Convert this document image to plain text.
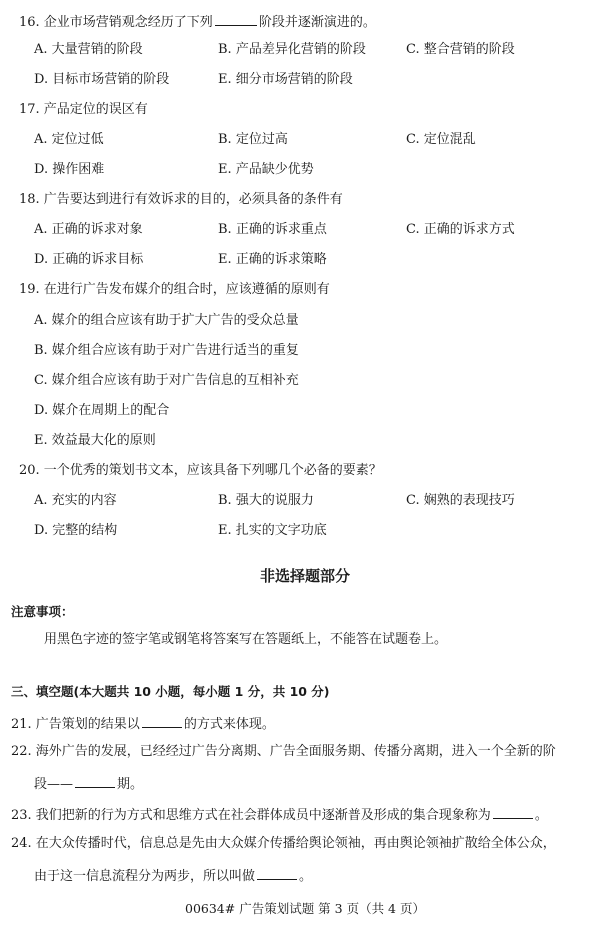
16. 企业市场营销观念经历了下列	阶段并逐渐演进的。
A. 大量营销的阶段	B. 产品差异化营销的阶段	C. 整合营销的阶段
D. 目标市场营销的阶段	E. 细分市场营销的阶段
17. 产品定位的误区有
A. 定位过低	B. 定位过高	C. 定位混乱
D. 操作困难	E. 产品缺少优势
18. 广告要达到进行有效诉求的目的，必须具备的条件有
A. 正确的诉求对象	B. 正确的诉求重点	C. 正确的诉求方式
D. 正确的诉求目标	E. 正确的诉求策略
19. 在进行广告发布媒介的组合时，应该遵循的原则有
A. 媒介的组合应该有助于扩大广告的受众总量
B. 媒介组合应该有助于对广告进行适当的重复
C. 媒介组合应该有助于对广告信息的互相补充
D. 媒介在周期上的配合
E. 效益最大化的原则
20. 一个优秀的策划书文本，应该具备下列哪几个必备的要素？
A. 充实的内容	B. 强大的说服力	C. 娴熟的表现技巧
D. 完整的结构	E. 扎实的文字功底
非选择题部分
注意事项：
用黑色字迹的签字笔或钢笔将答案写在答题纸上，不能答在试题卷上。
三、填空题(本大题共 10 小题，每小题 1 分，共 10 分)
21. 广告策划的结果以	的方式来体现。
22. 海外广告的发展，已经经过广告分离期、广告全面服务期、传播分离期，进入一个全新的阶
段——	期。
23. 我们把新的行为方式和思维方式在社会群体成员中逐渐普及形成的集合现象称为	。
24. 在大众传播时代，信息总是先由大众媒介传播给舆论领袖，再由舆论领袖扩散给全体公众，
由于这一信息流程分为两步，所以叫做	。
00634# 广告策划试题 第 3 页（共 4 页）
